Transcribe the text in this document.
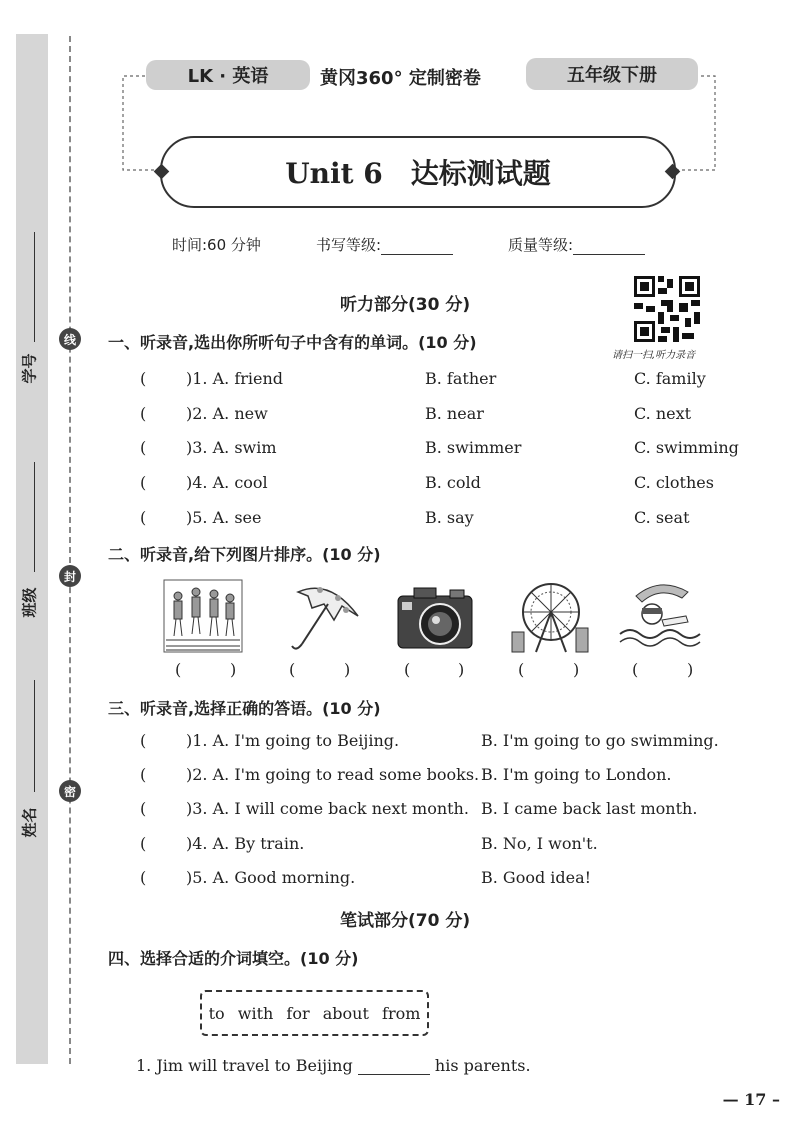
学号
班级
姓名
线
封
密
LK · 英语	黄冈360° 定制密卷	五年级下册
Unit 6　达标测试题
时间:60 分钟	书写等级:	质量等级:
请扫一扫,听力录音
听力部分(30 分)
一、听录音,选出你所听句子中含有的单词。(10 分)
( )1. A. friend	B. father	C. family
( )2. A. new	B. near	C. next
( )3. A. swim	B. swimmer	C. swimming
( )4. A. cool	B. cold	C. clothes
( )5. A. see	B. say	C. seat
二、听录音,给下列图片排序。(10 分)
(	)	(	)	(	)	(	)	(	)
三、听录音,选择正确的答语。(10 分)
( )1. A. I'm going to Beijing.	B. I'm going to go swimming.
( )2. A. I'm going to read some books. B. I'm going to London.
( )3. A. I will come back next month. B. I came back last month.
( )4. A. By train.	B. No, I won't.
( )5. A. Good morning.	B. Good idea!
笔试部分(70 分)
四、选择合适的介词填空。(10 分)
to with for about from
1. Jim will travel to Beijing	his parents.
— 17 –
